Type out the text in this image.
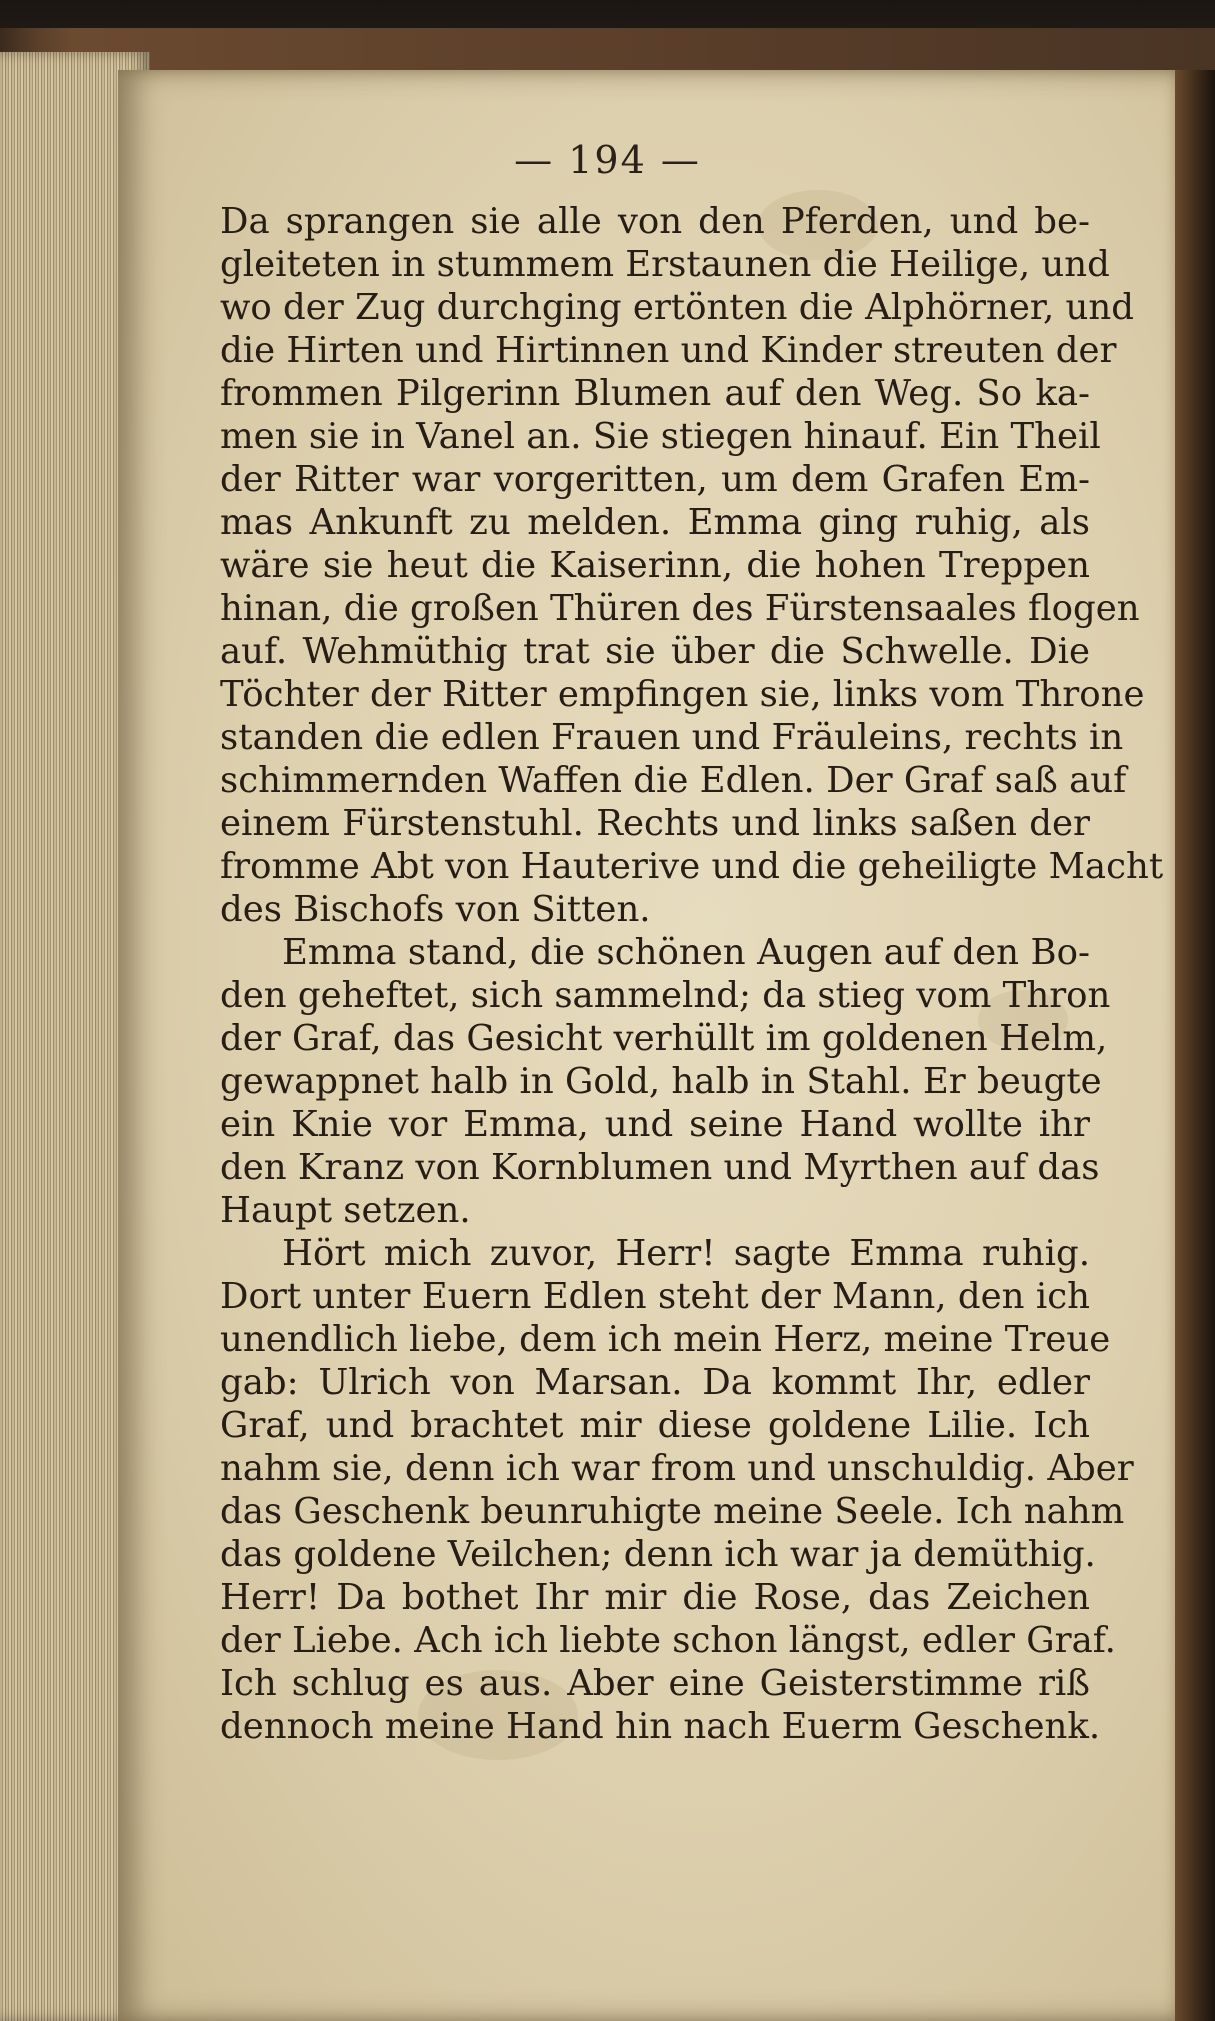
— 194 —
Da sprangen sie alle von den Pferden, und be-
gleiteten in stummem Erstaunen die Heilige, und
wo der Zug durchging ertönten die Alphörner, und
die Hirten und Hirtinnen und Kinder streuten der
frommen Pilgerinn Blumen auf den Weg. So ka-
men sie in Vanel an. Sie stiegen hinauf. Ein Theil
der Ritter war vorgeritten, um dem Grafen Em-
mas Ankunft zu melden. Emma ging ruhig, als
wäre sie heut die Kaiserinn, die hohen Treppen
hinan, die großen Thüren des Fürstensaales flogen
auf. Wehmüthig trat sie über die Schwelle. Die
Töchter der Ritter empfingen sie, links vom Throne
standen die edlen Frauen und Fräuleins, rechts in
schimmernden Waffen die Edlen. Der Graf saß auf
einem Fürstenstuhl. Rechts und links saßen der
fromme Abt von Hauterive und die geheiligte Macht
des Bischofs von Sitten.
Emma stand, die schönen Augen auf den Bo-
den geheftet, sich sammelnd; da stieg vom Thron
der Graf, das Gesicht verhüllt im goldenen Helm,
gewappnet halb in Gold, halb in Stahl. Er beugte
ein Knie vor Emma, und seine Hand wollte ihr
den Kranz von Kornblumen und Myrthen auf das
Haupt setzen.
Hört mich zuvor, Herr! sagte Emma ruhig.
Dort unter Euern Edlen steht der Mann, den ich
unendlich liebe, dem ich mein Herz, meine Treue
gab: Ulrich von Marsan. Da kommt Ihr, edler
Graf, und brachtet mir diese goldene Lilie. Ich
nahm sie, denn ich war from und unschuldig. Aber
das Geschenk beunruhigte meine Seele. Ich nahm
das goldene Veilchen; denn ich war ja demüthig.
Herr! Da bothet Ihr mir die Rose, das Zeichen
der Liebe. Ach ich liebte schon längst, edler Graf.
Ich schlug es aus. Aber eine Geisterstimme riß
dennoch meine Hand hin nach Euerm Geschenk.
